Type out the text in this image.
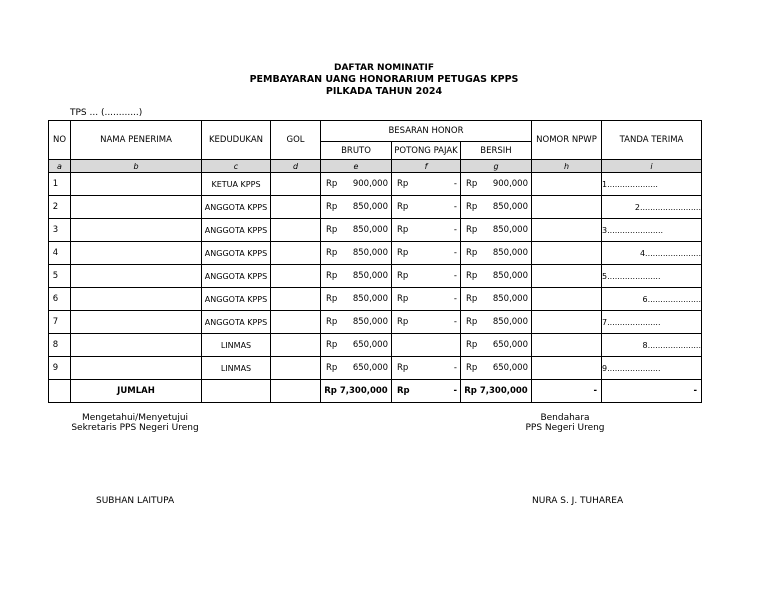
DAFTAR NOMINATIF
PEMBAYARAN UANG HONORARIUM PETUGAS KPPS
PILKADA TAHUN 2024
TPS ... (............)
NO	NAMA PENERIMA	KEDUDUKAN	GOL	BESARAN HONOR			NOMOR NPWP	TANDA TERIMA
				BRUTO	POTONG PAJAK	BERSIH		
a	b	c	d	e	f	g	h	i
1		KETUA KPPS		Rp 900,000	Rp -	Rp 900,000		1....................
2		ANGGOTA KPPS		Rp 850,000	Rp -	Rp 850,000		2........................
3		ANGGOTA KPPS		Rp 850,000	Rp -	Rp 850,000		3......................
4		ANGGOTA KPPS		Rp 850,000	Rp -	Rp 850,000		4......................
5		ANGGOTA KPPS		Rp 850,000	Rp -	Rp 850,000		5.....................
6		ANGGOTA KPPS		Rp 850,000	Rp -	Rp 850,000		6.....................
7		ANGGOTA KPPS		Rp 850,000	Rp -	Rp 850,000		7.....................
8		LINMAS		Rp 650,000		Rp 650,000		8.....................
9		LINMAS		Rp 650,000	Rp -	Rp 650,000		9.....................
	JUMLAH			Rp 7,300,000	Rp -	Rp 7,300,000	-	-
Mengetahui/Menyetujui
Sekretaris PPS Negeri Ureng
Bendahara
PPS Negeri Ureng
SUBHAN LAITUPA	NURA S. J. TUHAREA
